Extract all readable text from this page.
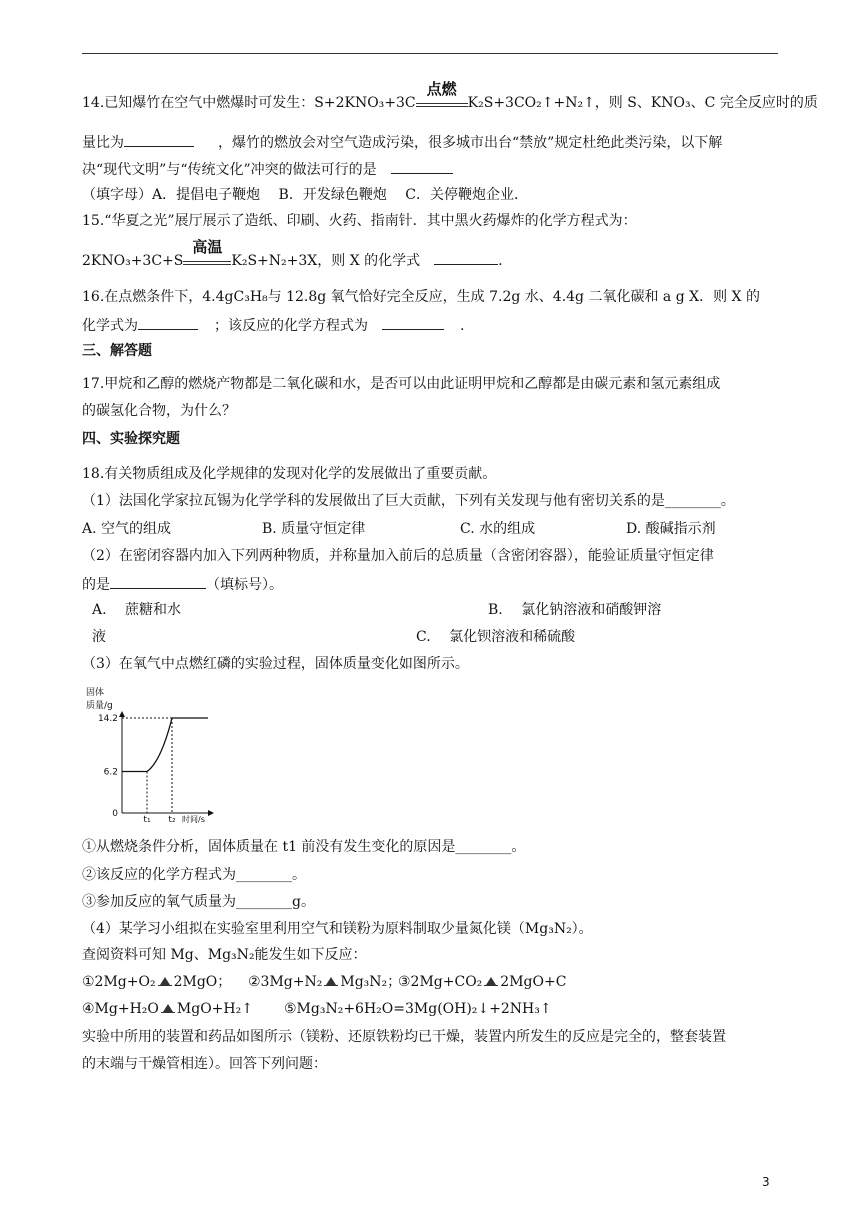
14.已知爆竹在空气中燃爆时可发生：S+2KNO₃+3C
点燃
K₂S+3CO₂↑+N₂↑，则 S、KNO₃、C 完全反应时的质
量比为	，爆竹的燃放会对空气造成污染，很多城市出台“禁放”规定杜绝此类污染，以下解
决“现代文明”与“传统文化”冲突的做法可行的是
（填字母）A．提倡电子鞭炮　 B．开发绿色鞭炮　 C．关停鞭炮企业．
15.“华夏之光”展厅展示了造纸、印刷、火药、指南针．其中黑火药爆炸的化学方程式为：
2KNO₃+3C+S
高温
K₂S+N₂+3X，则 X 的化学式	.
16.在点燃条件下，4.4gC₃H₈与 12.8g 氧气恰好完全反应，生成 7.2g 水、4.4g 二氧化碳和 a g X．则 X 的
化学式为	；该反应的化学方程式为	.
三、解答题
17.甲烷和乙醇的燃烧产物都是二氧化碳和水，是否可以由此证明甲烷和乙醇都是由碳元素和氢元素组成
的碳氢化合物，为什么？
四、实验探究题
18.有关物质组成及化学规律的发现对化学的发展做出了重要贡献。
（1）法国化学家拉瓦锡为化学学科的发展做出了巨大贡献，下列有关发现与他有密切关系的是________。
A. 空气的组成	B. 质量守恒定律	C. 水的组成	D. 酸碱指示剂
（2）在密闭容器内加入下列两种物质，并称量加入前后的总质量（含密闭容器），能验证质量守恒定律
的是	（填标号）。
A.　 蔗糖和水	B.　 氯化钠溶液和硝酸钾溶
液	C.　 氯化钡溶液和稀硫酸
（3）在氧气中点燃红磷的实验过程，固体质量变化如图所示。
固体
质量/g
14.2
6.2
0
t₁ t₂ 时间/s
①从燃烧条件分析，固体质量在 t1 前没有发生变化的原因是________。
②该反应的化学方程式为________。
③参加反应的氧气质量为________g。
（4）某学习小组拟在实验室里利用空气和镁粉为原料制取少量氮化镁（Mg₃N₂）。
查阅资料可知 Mg、Mg₃N₂能发生如下反应：
①2Mg+O₂ 2MgO； ②3Mg+N₂ Mg₃N₂；
③2Mg+CO₂ 2MgO+C
④Mg+H₂O MgO+H₂↑ ⑤Mg₃N₂+6H₂O=3Mg(OH)₂↓+2NH₃↑
实验中所用的装置和药品如图所示（镁粉、还原铁粉均已干燥，装置内所发生的反应是完全的，整套装置
的末端与干燥管相连）。回答下列问题：
3
